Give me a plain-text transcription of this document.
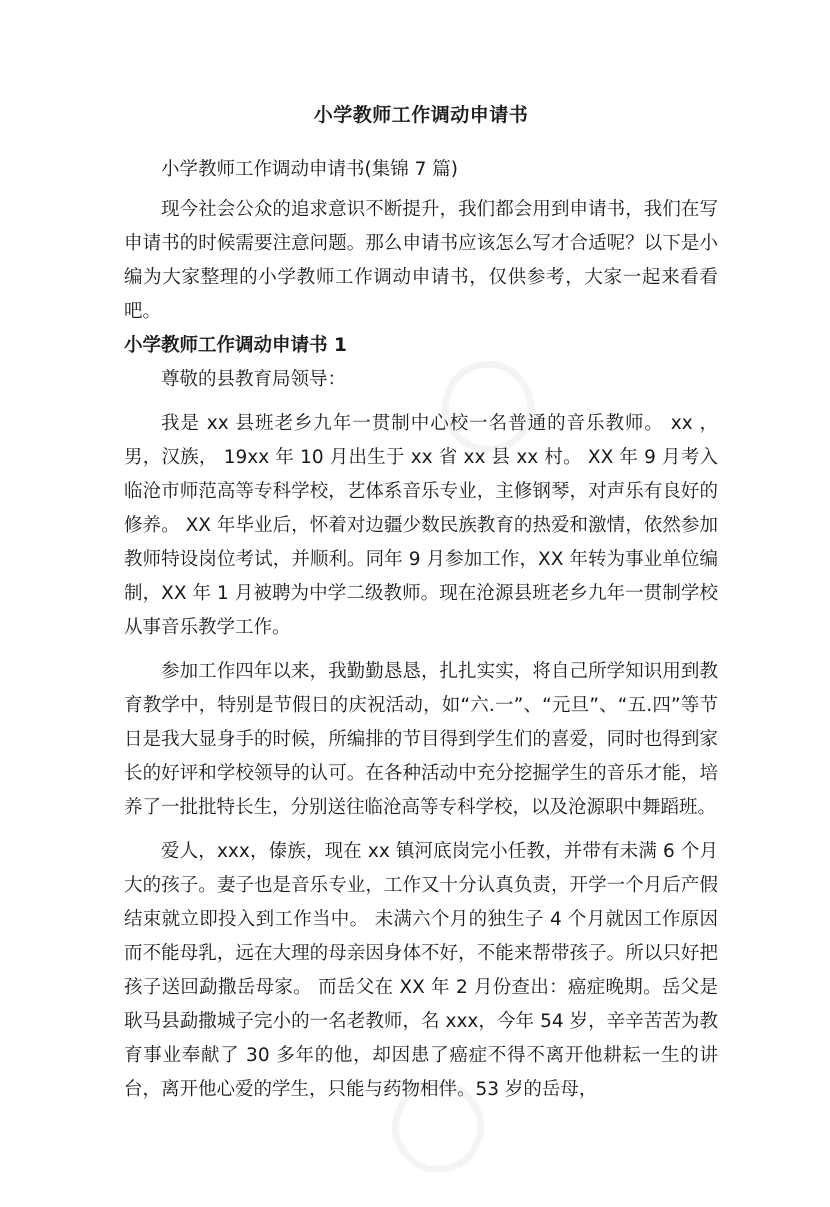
小学教师工作调动申请书

小学教师工作调动申请书(集锦 7 篇)

现今社会公众的追求意识不断提升，我们都会用到申请书，我们在写申请书的时候需要注意问题。那么申请书应该怎么写才合适呢？以下是小编为大家整理的小学教师工作调动申请书，仅供参考，大家一起来看看吧。

小学教师工作调动申请书 1

尊敬的县教育局领导：

我是 xx 县班老乡九年一贯制中心校一名普通的音乐教师。 xx ，男，汉族， 19xx 年 10 月出生于 xx 省 xx 县 xx 村。 XX 年 9 月考入临沧市师范高等专科学校，艺体系音乐专业，主修钢琴，对声乐有良好的修养。 XX 年毕业后，怀着对边疆少数民族教育的热爱和激情，依然参加教师特设岗位考试，并顺利。同年 9 月参加工作，XX 年转为事业单位编制，XX 年 1 月被聘为中学二级教师。现在沧源县班老乡九年一贯制学校从事音乐教学工作。

参加工作四年以来，我勤勤恳恳，扎扎实实，将自己所学知识用到教育教学中，特别是节假日的庆祝活动，如“六.一”、“元旦”、“五.四”等节日是我大显身手的时候，所编排的节目得到学生们的喜爱，同时也得到家长的好评和学校领导的认可。在各种活动中充分挖掘学生的音乐才能，培养了一批批特长生，分别送往临沧高等专科学校，以及沧源职中舞蹈班。

爱人，xxx，傣族，现在 xx 镇河底岗完小任教，并带有未满 6 个月大的孩子。妻子也是音乐专业，工作又十分认真负责，开学一个月后产假结束就立即投入到工作当中。 未满六个月的独生子 4 个月就因工作原因而不能母乳，远在大理的母亲因身体不好，不能来帮带孩子。所以只好把孩子送回勐撒岳母家。 而岳父在 XX 年 2 月份查出：癌症晚期。岳父是耿马县勐撒城子完小的一名老教师，名 xxx，今年 54 岁，辛辛苦苦为教育事业奉献了 30 多年的他，却因患了癌症不得不离开他耕耘一生的讲台，离开他心爱的学生，只能与药物相伴。53 岁的岳母，
